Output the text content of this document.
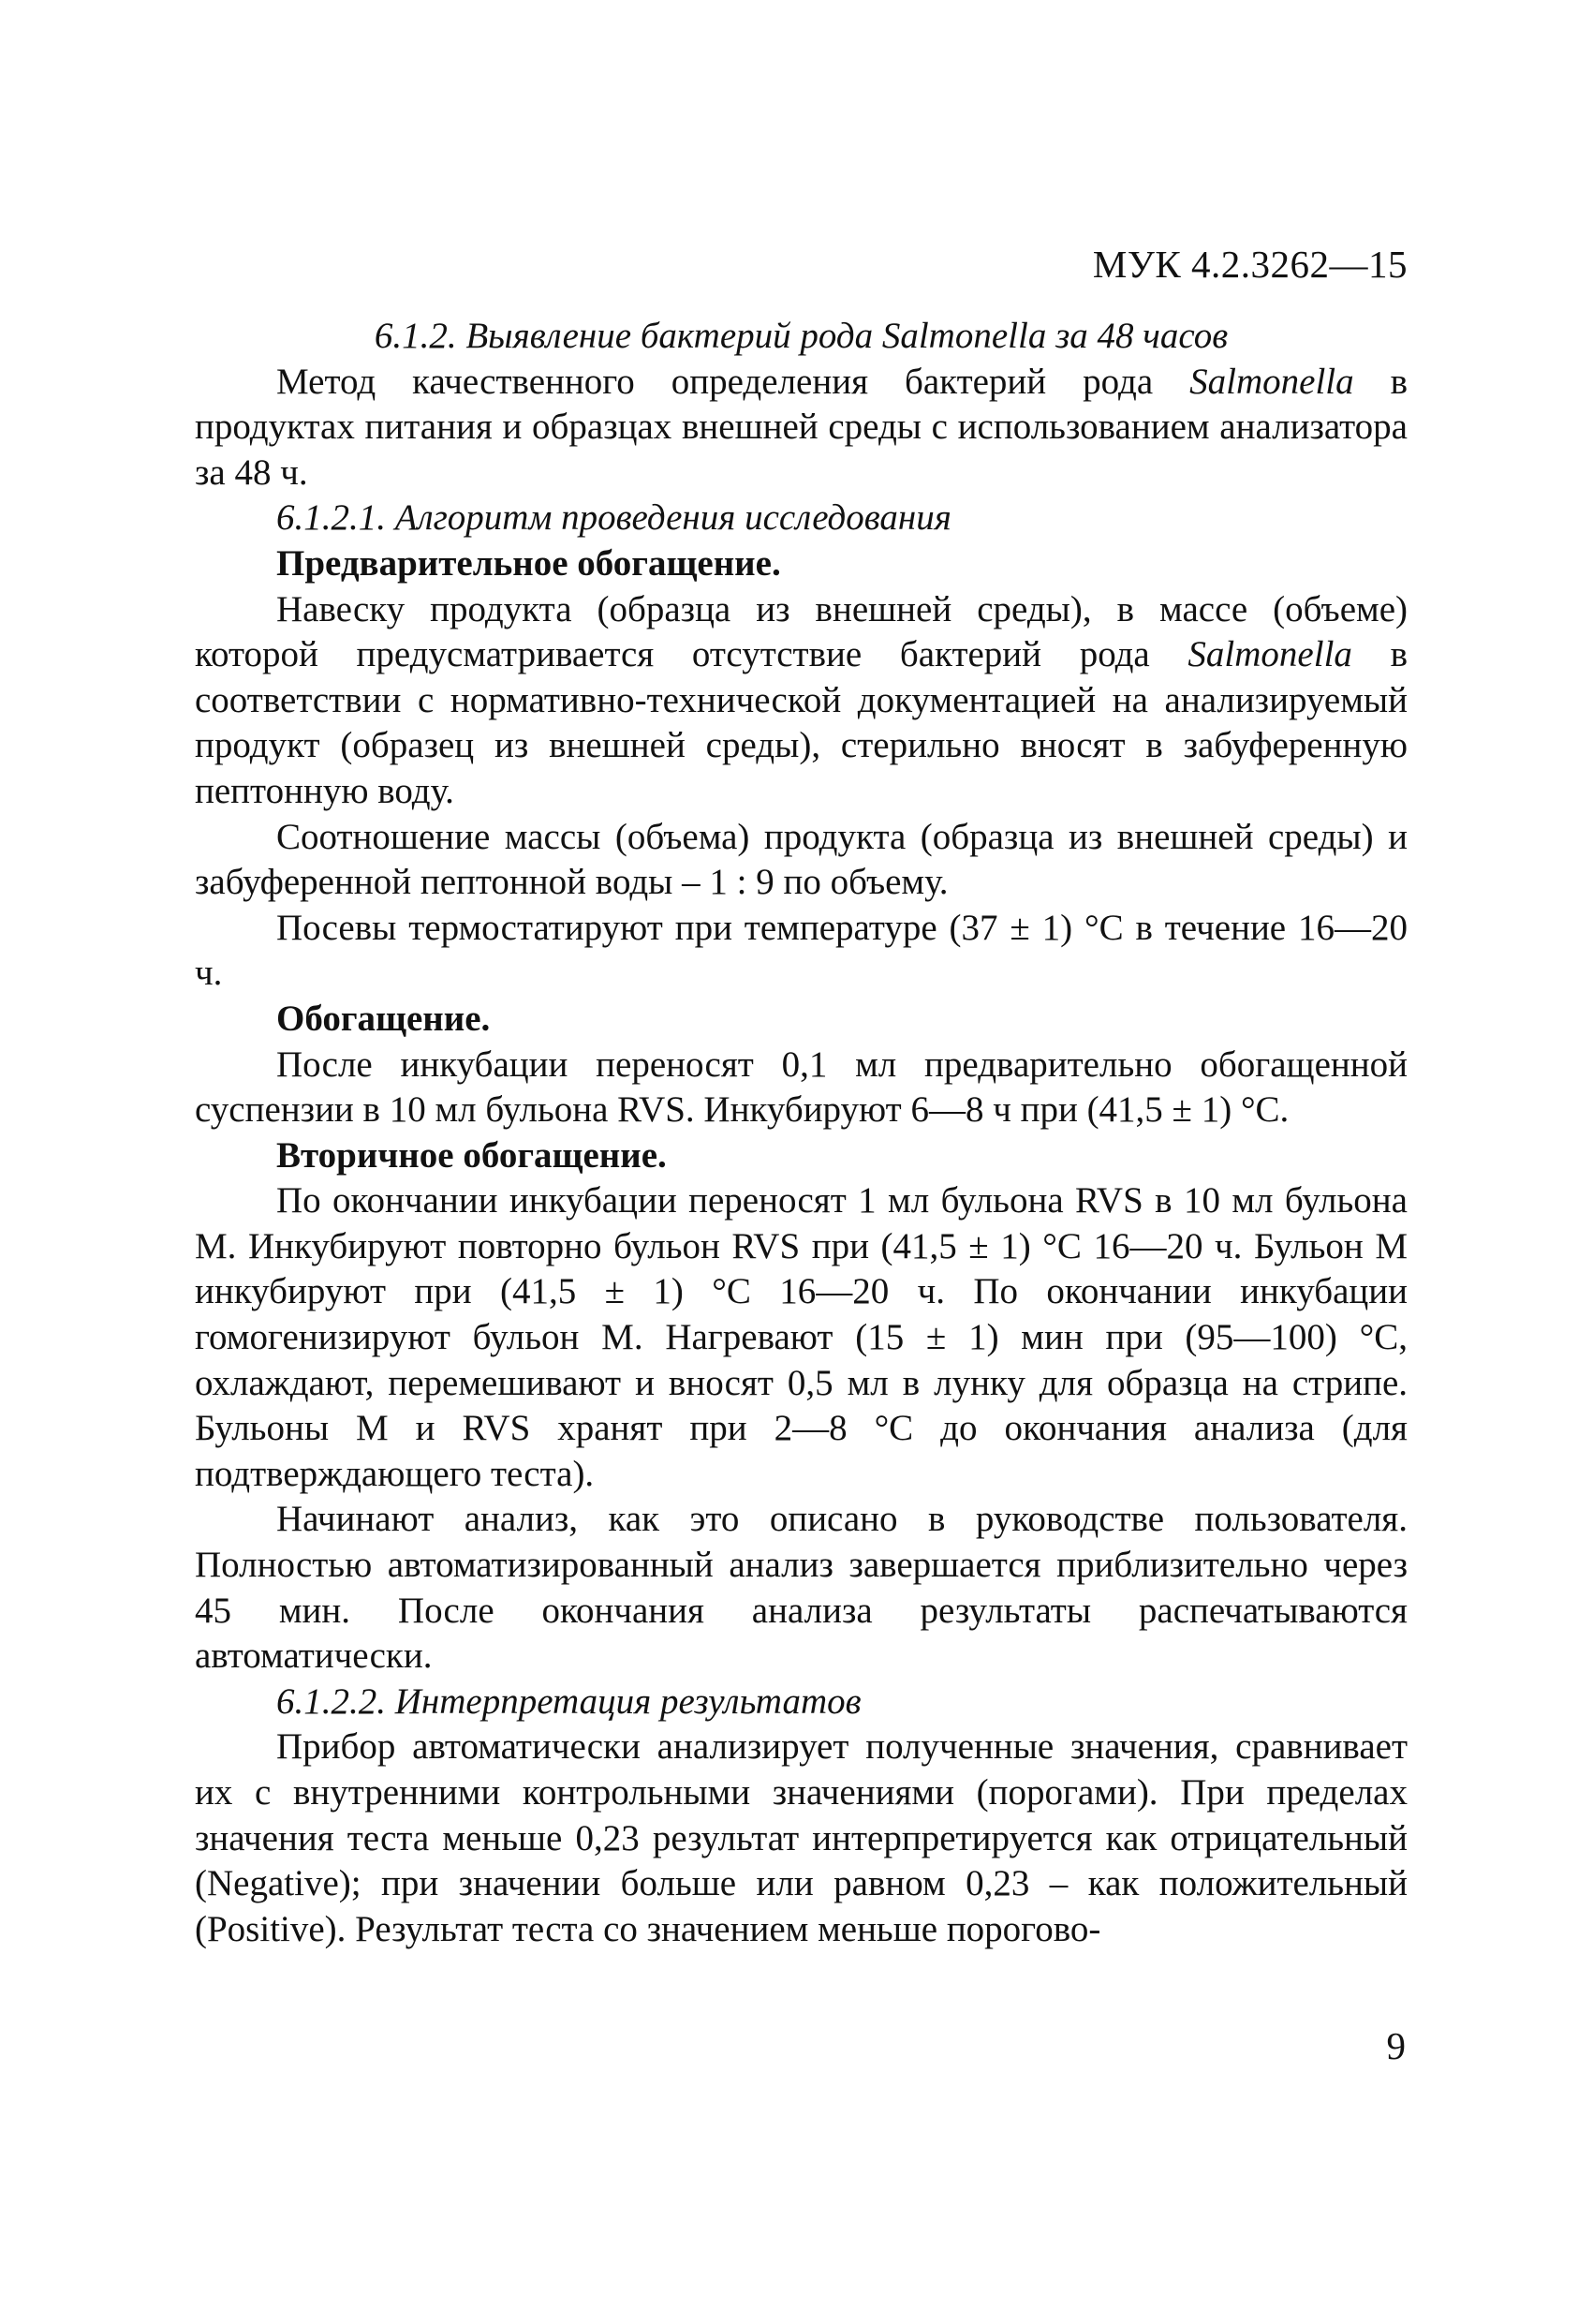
МУК 4.2.3262—15

6.1.2. Выявление бактерий рода Salmonella за 48 часов

Метод качественного определения бактерий рода Salmonella в продуктах питания и образцах внешней среды с использованием анализатора за 48 ч.

6.1.2.1. Алгоритм проведения исследования

Предварительное обогащение.

Навеску продукта (образца из внешней среды), в массе (объеме) которой предусматривается отсутствие бактерий рода Salmonella в соответствии с нормативно-технической документацией на анализируемый продукт (образец из внешней среды), стерильно вносят в забуференную пептонную воду.

Соотношение массы (объема) продукта (образца из внешней среды) и забуференной пептонной воды – 1 : 9 по объему.

Посевы термостатируют при температуре (37 ± 1) °С в течение 16—20 ч.

Обогащение.

После инкубации переносят 0,1 мл предварительно обогащенной суспензии в 10 мл бульона RVS. Инкубируют 6—8 ч при (41,5 ± 1) °С.

Вторичное обогащение.

По окончании инкубации переносят 1 мл бульона RVS в 10 мл бульона М. Инкубируют повторно бульон RVS при (41,5 ± 1) °С 16—20 ч. Бульон М инкубируют при (41,5 ± 1) °С 16—20 ч. По окончании инкубации гомогенизируют бульон М. Нагревают (15 ± 1) мин при (95—100) °С, охлаждают, перемешивают и вносят 0,5 мл в лунку для образца на стрипе. Бульоны М и RVS хранят при 2—8 °С до окончания анализа (для подтверждающего теста).

Начинают анализ, как это описано в руководстве пользователя. Полностью автоматизированный анализ завершается приблизительно через 45 мин. После окончания анализа результаты распечатываются автоматически.

6.1.2.2. Интерпретация результатов

Прибор автоматически анализирует полученные значения, сравнивает их с внутренними контрольными значениями (порогами). При пределах значения теста меньше 0,23 результат интерпретируется как отрицательный (Negative); при значении больше или равном 0,23 – как положительный (Positive). Результат теста со значением меньше порогово-

9
